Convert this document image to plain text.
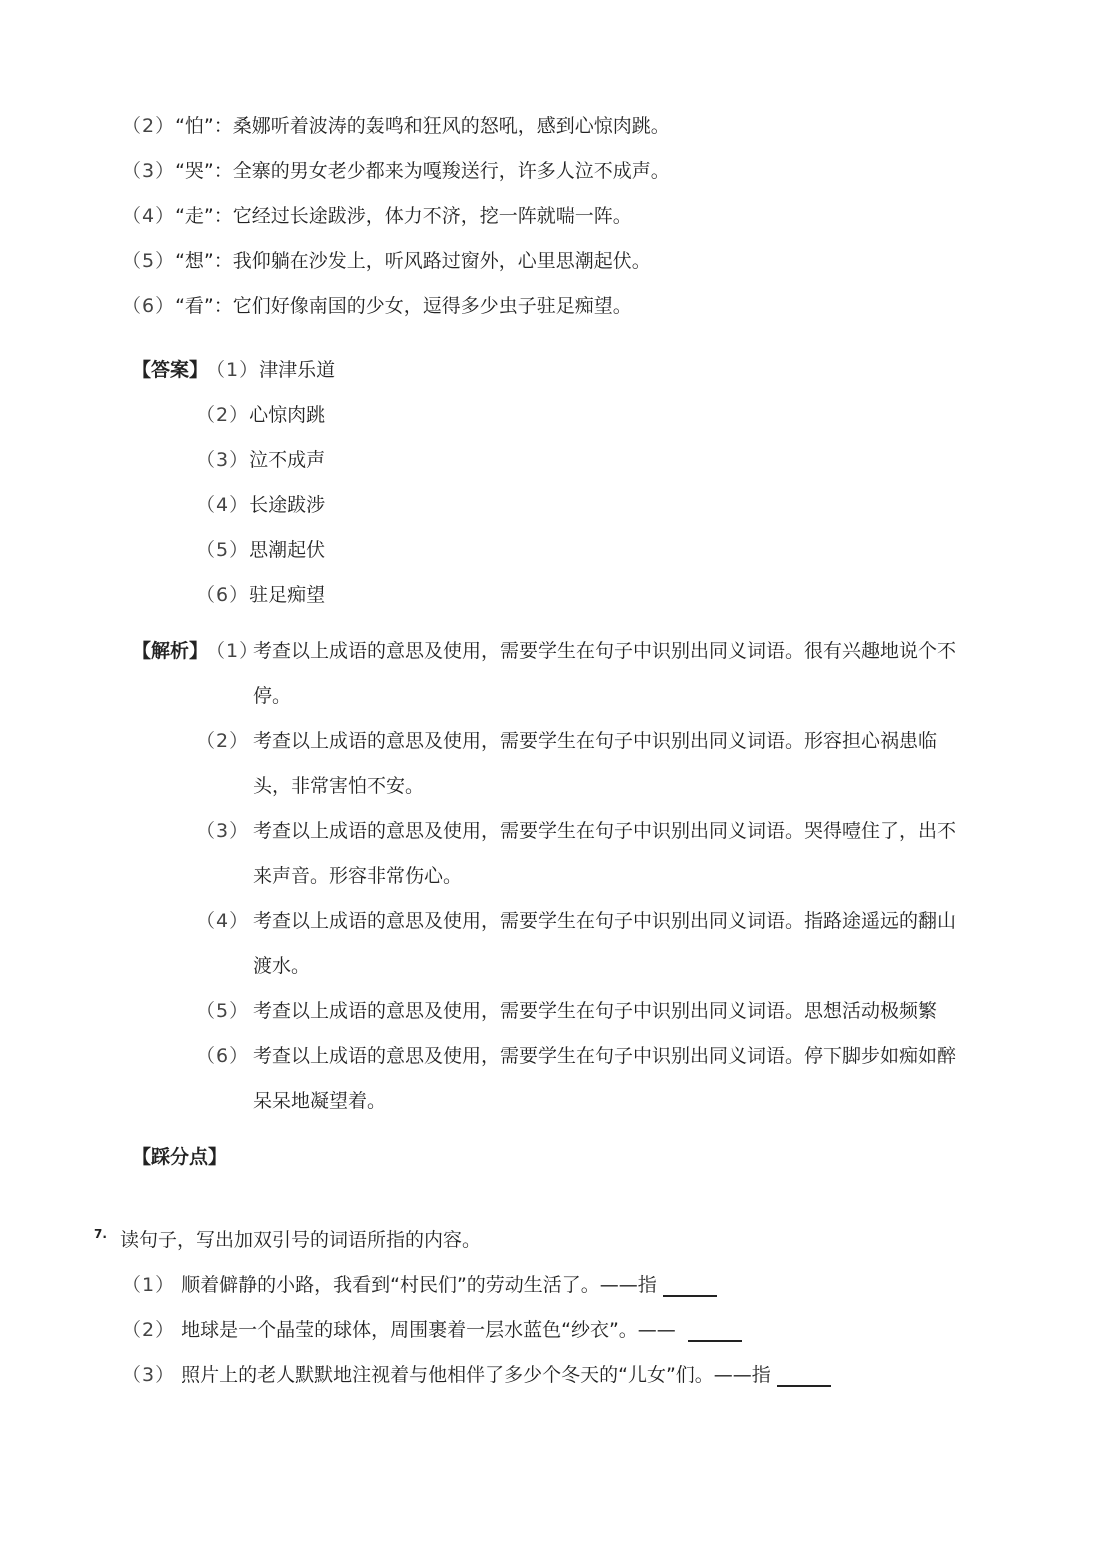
（2）“怕”：桑娜听着波涛的轰鸣和狂风的怒吼，感到心惊肉跳。
（3）“哭”：全寨的男女老少都来为嘎羧送行，许多人泣不成声。
（4）“走”：它经过长途跋涉，体力不济，挖一阵就喘一阵。
（5）“想”：我仰躺在沙发上，听风路过窗外，心里思潮起伏。
（6）“看”：它们好像南国的少女，逗得多少虫子驻足痴望。
【答案】
（1）津津乐道
（2）心惊肉跳
（3）泣不成声
（4）长途跋涉
（5）思潮起伏
（6）驻足痴望
【解析】
（1）
考查以上成语的意思及使用，需要学生在句子中识别出同义词语。很有兴趣地说个不
停。
（2） 考查以上成语的意思及使用，需要学生在句子中识别出同义词语。形容担心祸患临
头，非常害怕不安。
（3） 考查以上成语的意思及使用，需要学生在句子中识别出同义词语。哭得噎住了，出不
来声音。形容非常伤心。
（4） 考查以上成语的意思及使用，需要学生在句子中识别出同义词语。指路途遥远的翻山
渡水。
（5） 考查以上成语的意思及使用，需要学生在句子中识别出同义词语。思想活动极频繁
（6） 考查以上成语的意思及使用，需要学生在句子中识别出同义词语。停下脚步如痴如醉
呆呆地凝望着。
【踩分点】
7. 读句子，写出加双引号的词语所指的内容。
（1） 顺着僻静的小路，我看到“村民们”的劳动生活了。——指
（2） 地球是一个晶莹的球体，周围裹着一层水蓝色“纱衣”。——
（3） 照片上的老人默默地注视着与他相伴了多少个冬天的“儿女”们。——指
